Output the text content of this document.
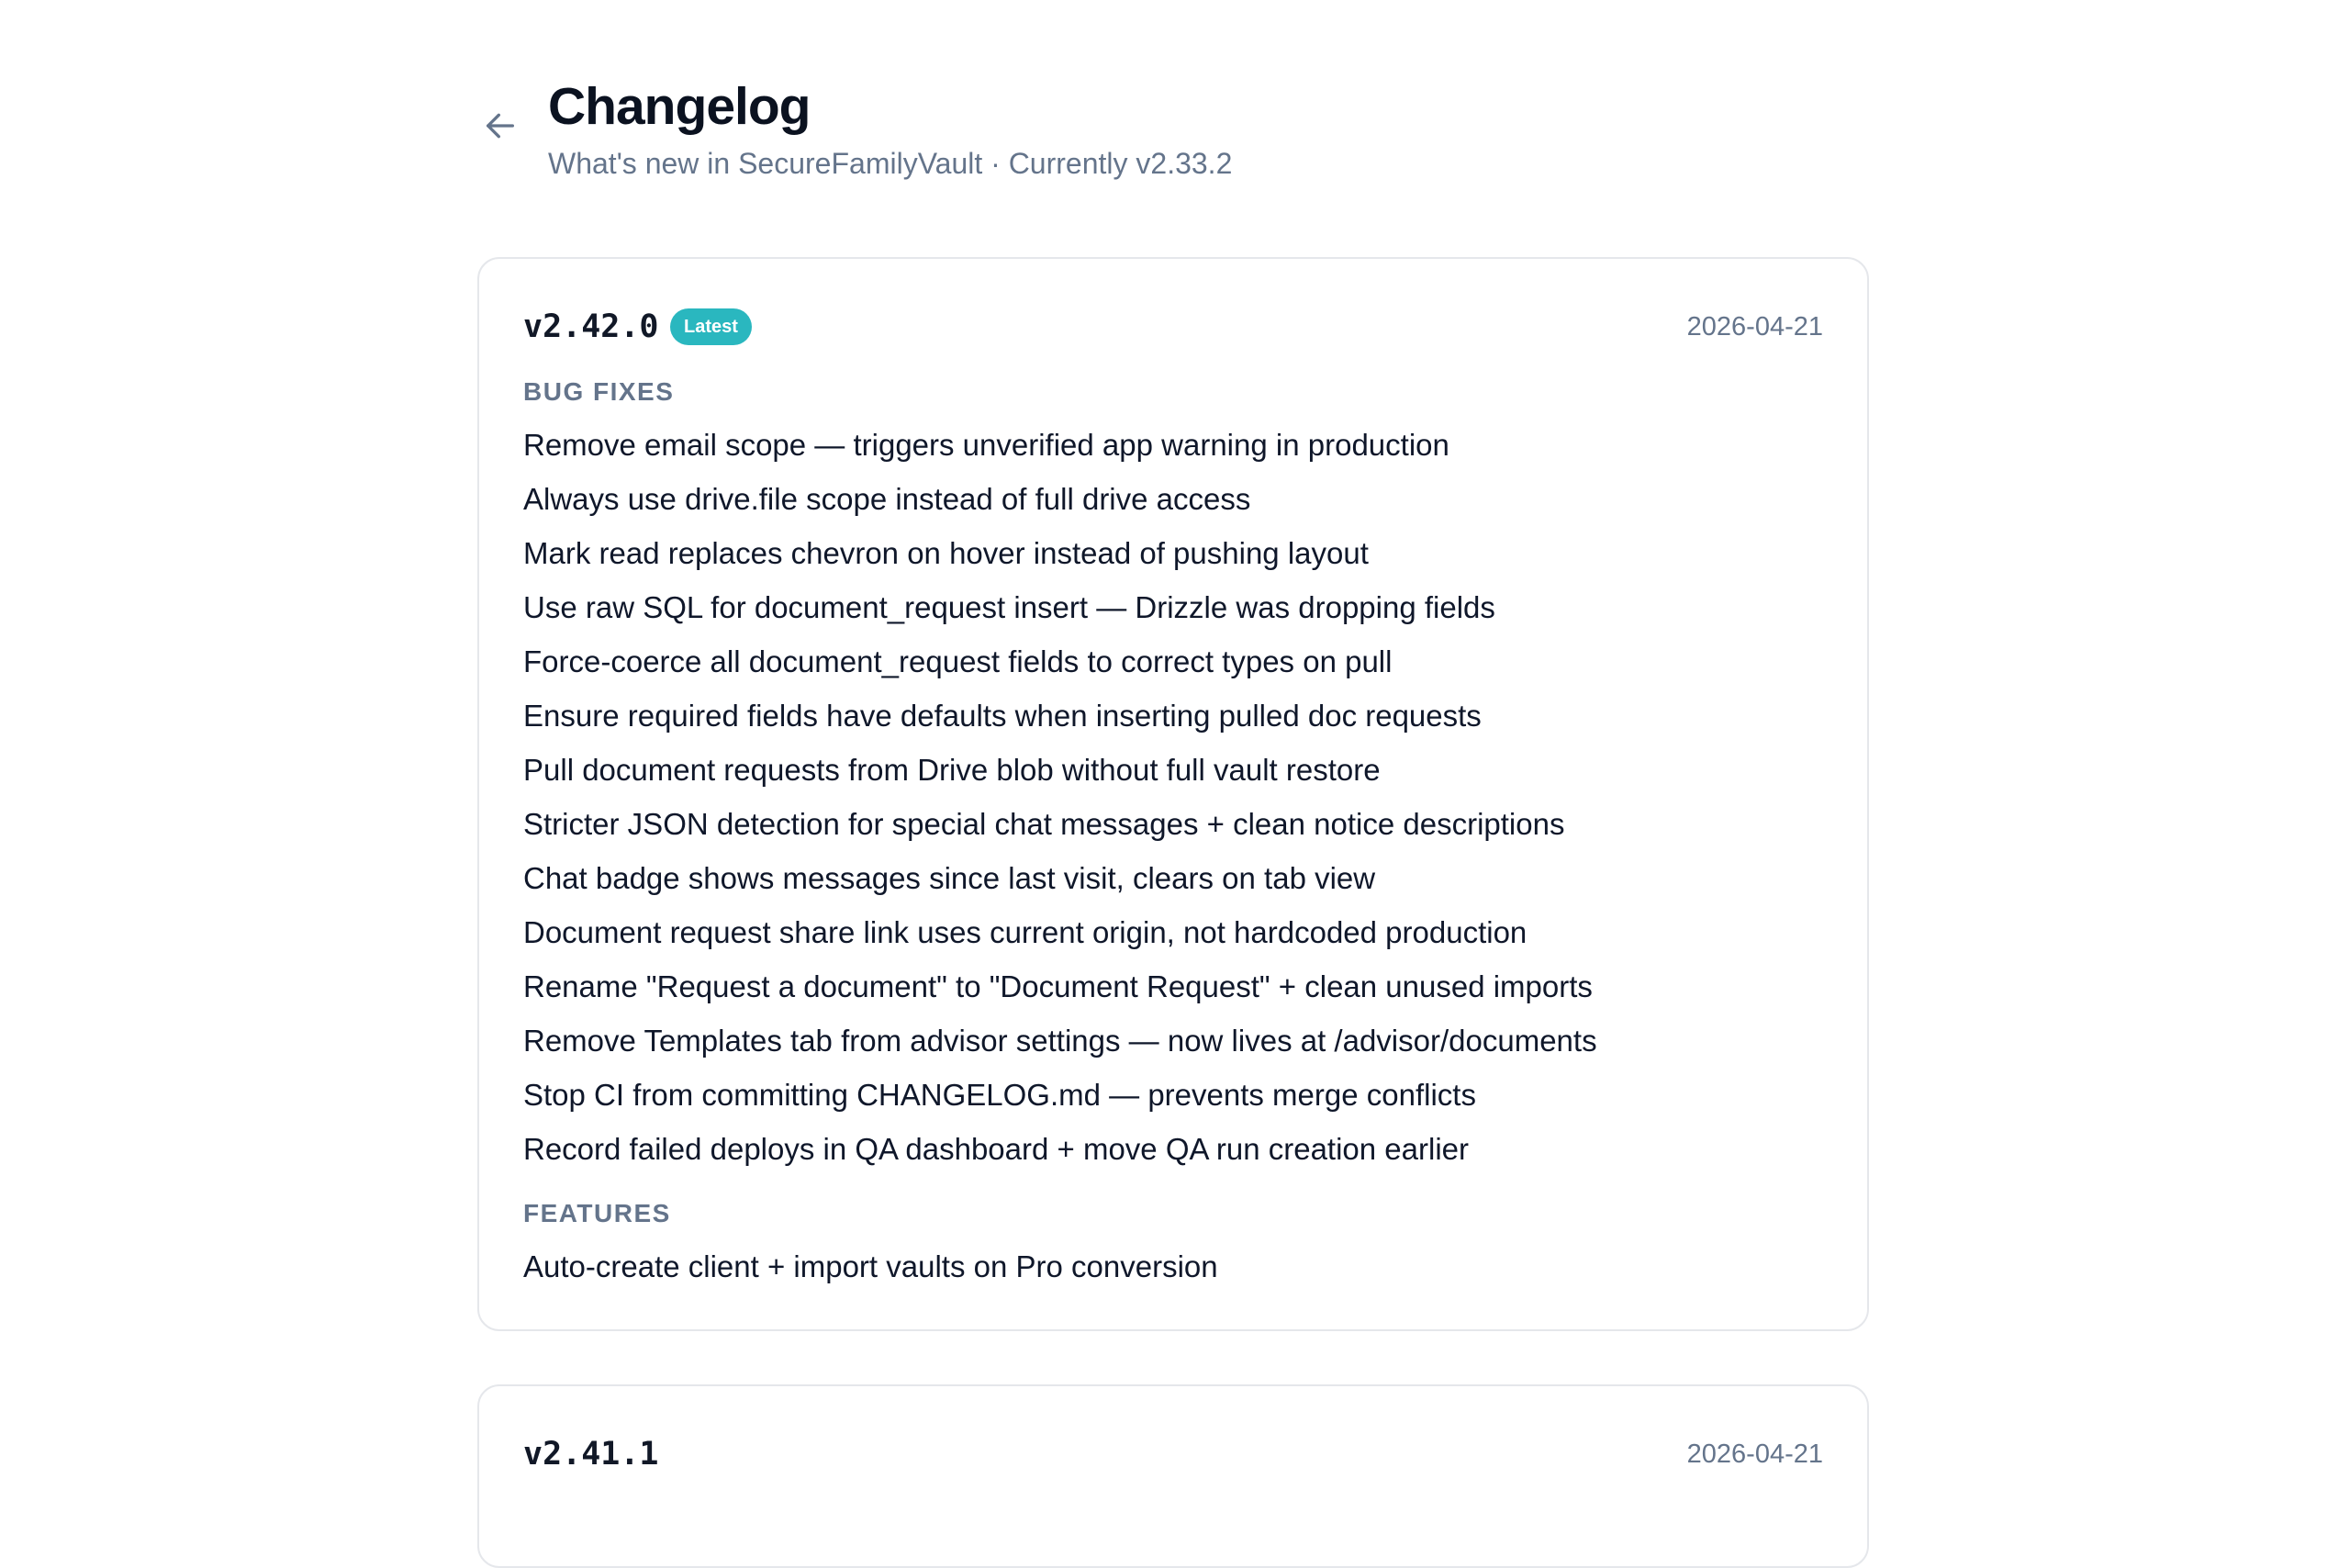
Changelog

What's new in SecureFamilyVault · Currently v2.33.2

v2.42.0	Latest	2026-04-21
BUG FIXES
Remove email scope — triggers unverified app warning in production
Always use drive.file scope instead of full drive access
Mark read replaces chevron on hover instead of pushing layout
Use raw SQL for document_request insert — Drizzle was dropping fields
Force-coerce all document_request fields to correct types on pull
Ensure required fields have defaults when inserting pulled doc requests
Pull document requests from Drive blob without full vault restore
Stricter JSON detection for special chat messages + clean notice descriptions
Chat badge shows messages since last visit, clears on tab view
Document request share link uses current origin, not hardcoded production
Rename "Request a document" to "Document Request" + clean unused imports
Remove Templates tab from advisor settings — now lives at /advisor/documents
Stop CI from committing CHANGELOG.md — prevents merge conflicts
Record failed deploys in QA dashboard + move QA run creation earlier
FEATURES
Auto-create client + import vaults on Pro conversion
v2.41.1	2026-04-21
